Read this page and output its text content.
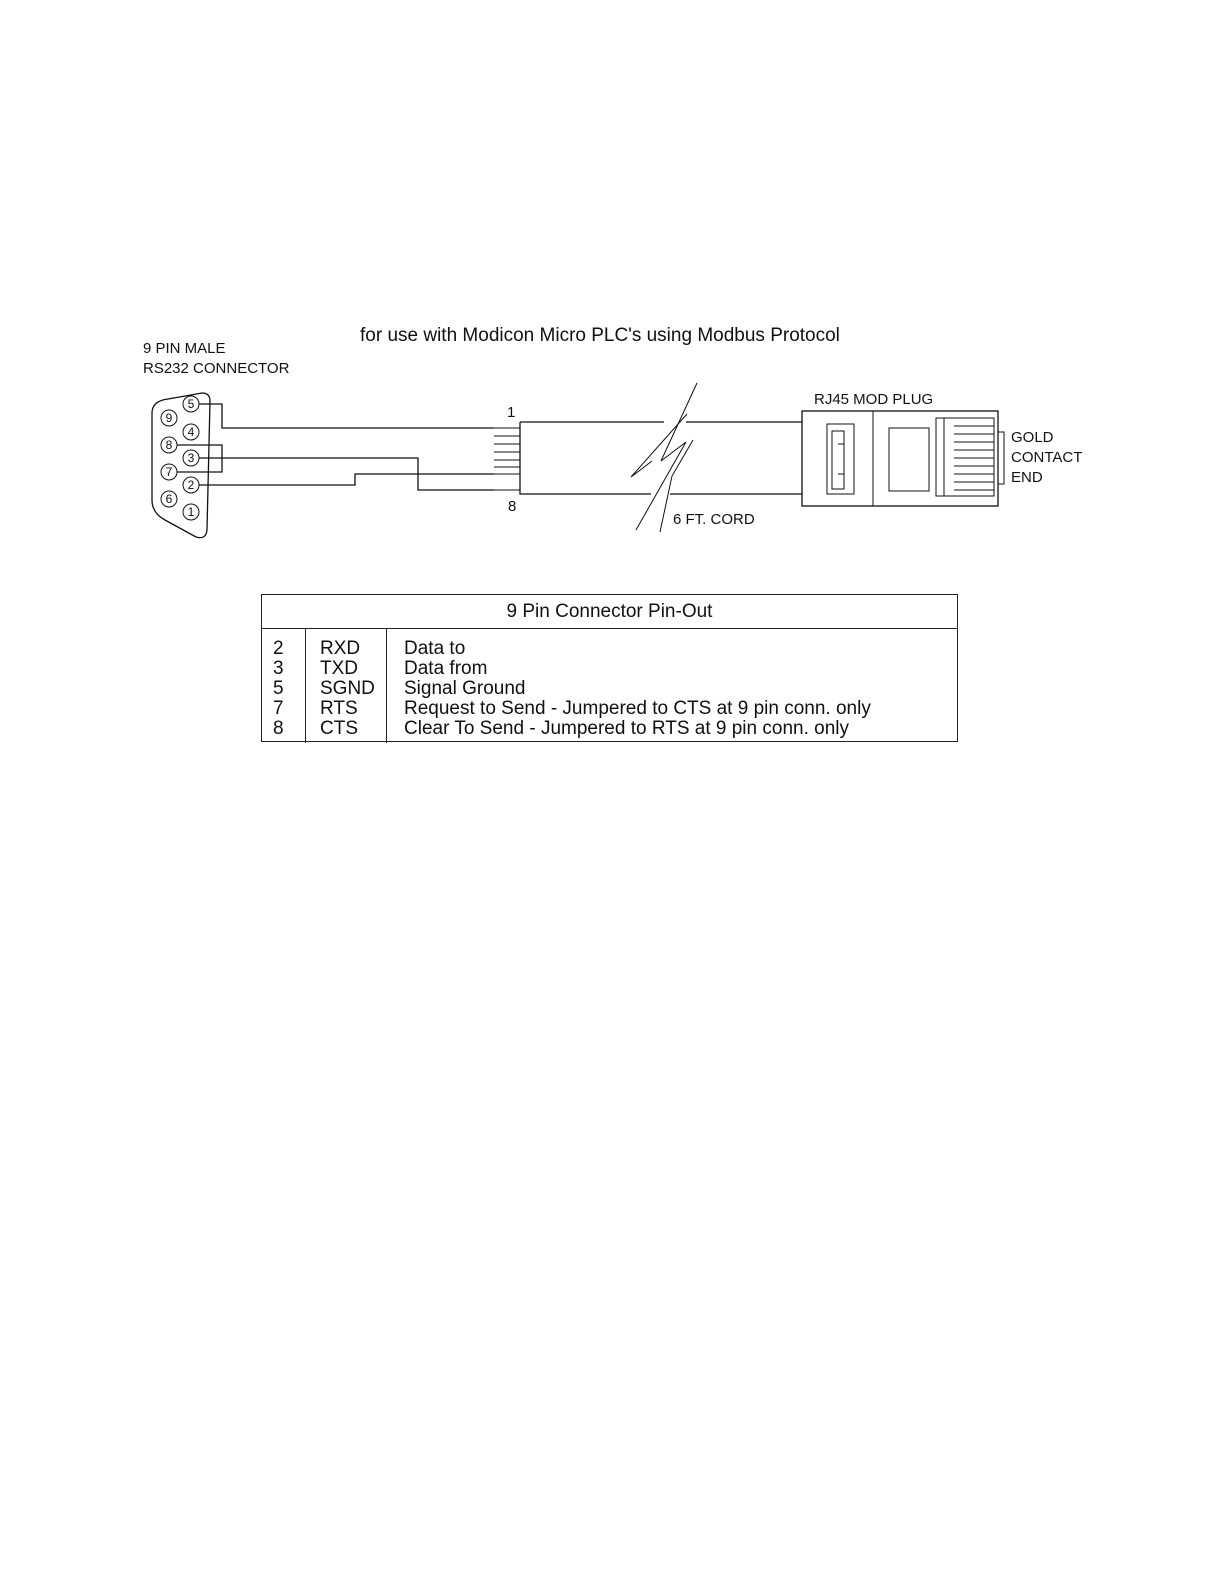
for use with Modicon Micro PLC's using Modbus Protocol
9 PIN MALE
RS232 CONNECTOR
5
4
3
2
1
9
8
7
6
1
8
6 FT. CORD
RJ45 MOD PLUG
GOLD
CONTACT
END
9 Pin Connector Pin-Out
2
3
5
7
8
RXD
TXD
SGND
RTS
CTS
Data to
Data from
Signal Ground
Request to Send - Jumpered to CTS at 9 pin conn. only
Clear To Send - Jumpered to RTS at 9 pin conn. only
